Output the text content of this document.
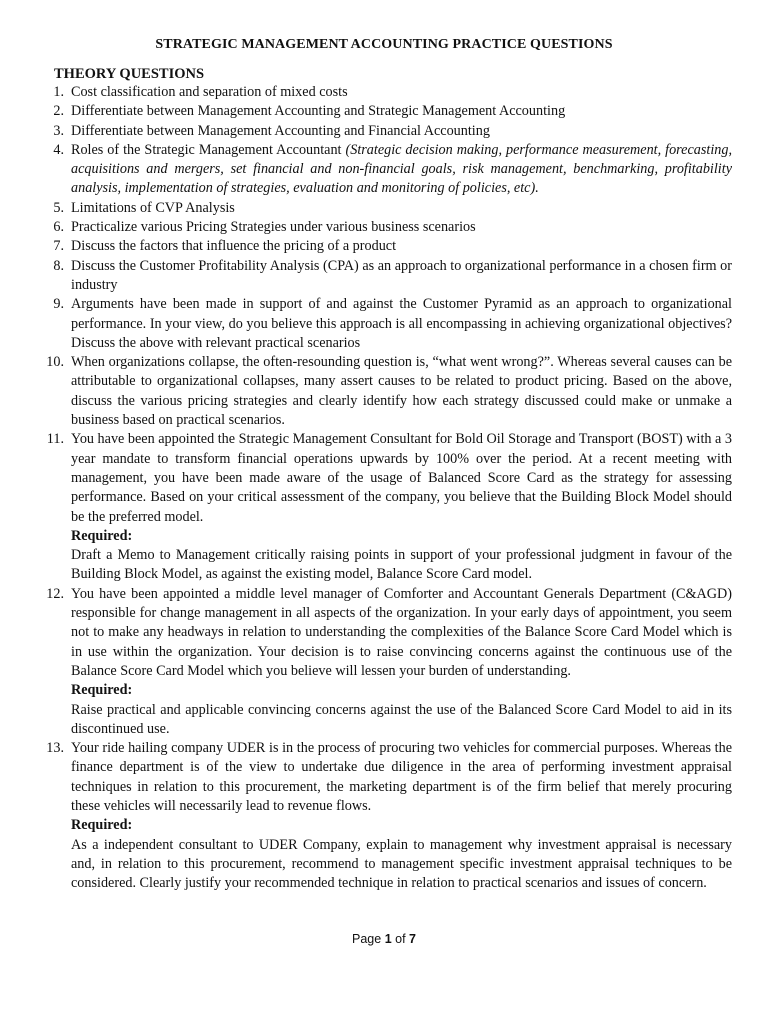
STRATEGIC MANAGEMENT ACCOUNTING PRACTICE QUESTIONS
THEORY QUESTIONS
1. Cost classification and separation of mixed costs
2. Differentiate between Management Accounting and Strategic Management Accounting
3. Differentiate between Management Accounting and Financial Accounting
4. Roles of the Strategic Management Accountant (Strategic decision making, performance measurement, forecasting, acquisitions and mergers, set financial and non-financial goals, risk management, benchmarking, profitability analysis, implementation of strategies, evaluation and monitoring of policies, etc).
5. Limitations of CVP Analysis
6. Practicalize various Pricing Strategies under various business scenarios
7. Discuss the factors that influence the pricing of a product
8. Discuss the Customer Profitability Analysis (CPA) as an approach to organizational performance in a chosen firm or industry
9. Arguments have been made in support of and against the Customer Pyramid as an approach to organizational performance. In your view, do you believe this approach is all encompassing in achieving organizational objectives? Discuss the above with relevant practical scenarios
10. When organizations collapse, the often-resounding question is, “what went wrong?”. Whereas several causes can be attributable to organizational collapses, many assert causes to be related to product pricing. Based on the above, discuss the various pricing strategies and clearly identify how each strategy discussed could make or unmake a business based on practical scenarios.
11. You have been appointed the Strategic Management Consultant for Bold Oil Storage and Transport (BOST) with a 3 year mandate to transform financial operations upwards by 100% over the period. At a recent meeting with management, you have been made aware of the usage of Balanced Score Card as the strategy for assessing performance. Based on your critical assessment of the company, you believe that the Building Block Model should be the preferred model.
Required:
Draft a Memo to Management critically raising points in support of your professional judgment in favour of the Building Block Model, as against the existing model, Balance Score Card model.
12. You have been appointed a middle level manager of Comforter and Accountant Generals Department (C&AGD) responsible for change management in all aspects of the organization. In your early days of appointment, you seem not to make any headways in relation to understanding the complexities of the Balance Score Card Model which is in use within the organization. Your decision is to raise convincing concerns against the continuous use of the Balance Score Card Model which you believe will lessen your burden of understanding.
Required:
Raise practical and applicable convincing concerns against the use of the Balanced Score Card Model to aid in its discontinued use.
13. Your ride hailing company UDER is in the process of procuring two vehicles for commercial purposes. Whereas the finance department is of the view to undertake due diligence in the area of performing investment appraisal techniques in relation to this procurement, the marketing department is of the firm belief that merely procuring these vehicles will necessarily lead to revenue flows.
Required:
As a independent consultant to UDER Company, explain to management why investment appraisal is necessary and, in relation to this procurement, recommend to management specific investment appraisal techniques to be considered. Clearly justify your recommended technique in relation to practical scenarios and issues of concern.
Page 1 of 7
